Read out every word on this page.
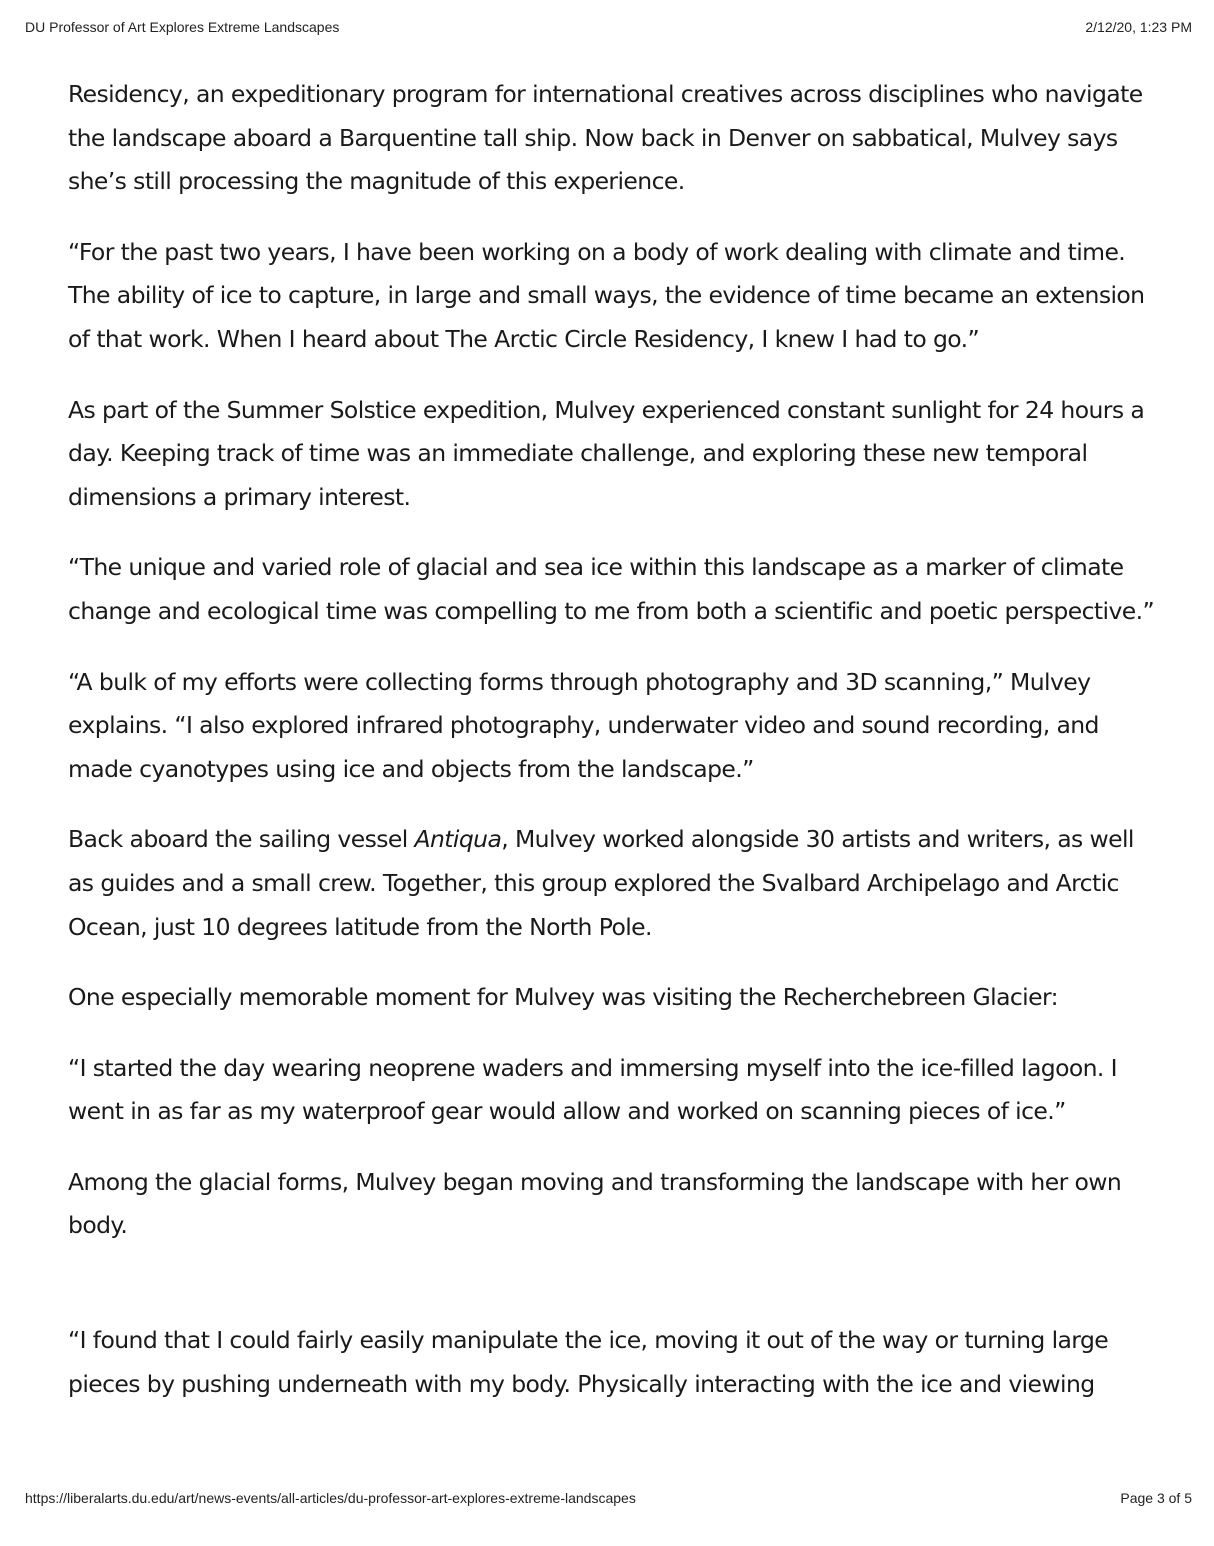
DU Professor of Art Explores Extreme Landscapes	2/12/20, 1:23 PM

Residency, an expeditionary program for international creatives across disciplines who navigate the landscape aboard a Barquentine tall ship. Now back in Denver on sabbatical, Mulvey says she’s still processing the magnitude of this experience.

“For the past two years, I have been working on a body of work dealing with climate and time. The ability of ice to capture, in large and small ways, the evidence of time became an extension of that work. When I heard about The Arctic Circle Residency, I knew I had to go.”

As part of the Summer Solstice expedition, Mulvey experienced constant sunlight for 24 hours a day. Keeping track of time was an immediate challenge, and exploring these new temporal dimensions a primary interest.

“The unique and varied role of glacial and sea ice within this landscape as a marker of climate change and ecological time was compelling to me from both a scientific and poetic perspective.”

“A bulk of my efforts were collecting forms through photography and 3D scanning,” Mulvey explains. “I also explored infrared photography, underwater video and sound recording, and made cyanotypes using ice and objects from the landscape.”

Back aboard the sailing vessel Antiqua, Mulvey worked alongside 30 artists and writers, as well as guides and a small crew. Together, this group explored the Svalbard Archipelago and Arctic Ocean, just 10 degrees latitude from the North Pole.

One especially memorable moment for Mulvey was visiting the Recherchebreen Glacier:

“I started the day wearing neoprene waders and immersing myself into the ice-filled lagoon. I went in as far as my waterproof gear would allow and worked on scanning pieces of ice.”

Among the glacial forms, Mulvey began moving and transforming the landscape with her own body.

“I found that I could fairly easily manipulate the ice, moving it out of the way or turning large pieces by pushing underneath with my body. Physically interacting with the ice and viewing

https://liberalarts.du.edu/art/news-events/all-articles/du-professor-art-explores-extreme-landscapes	Page 3 of 5
